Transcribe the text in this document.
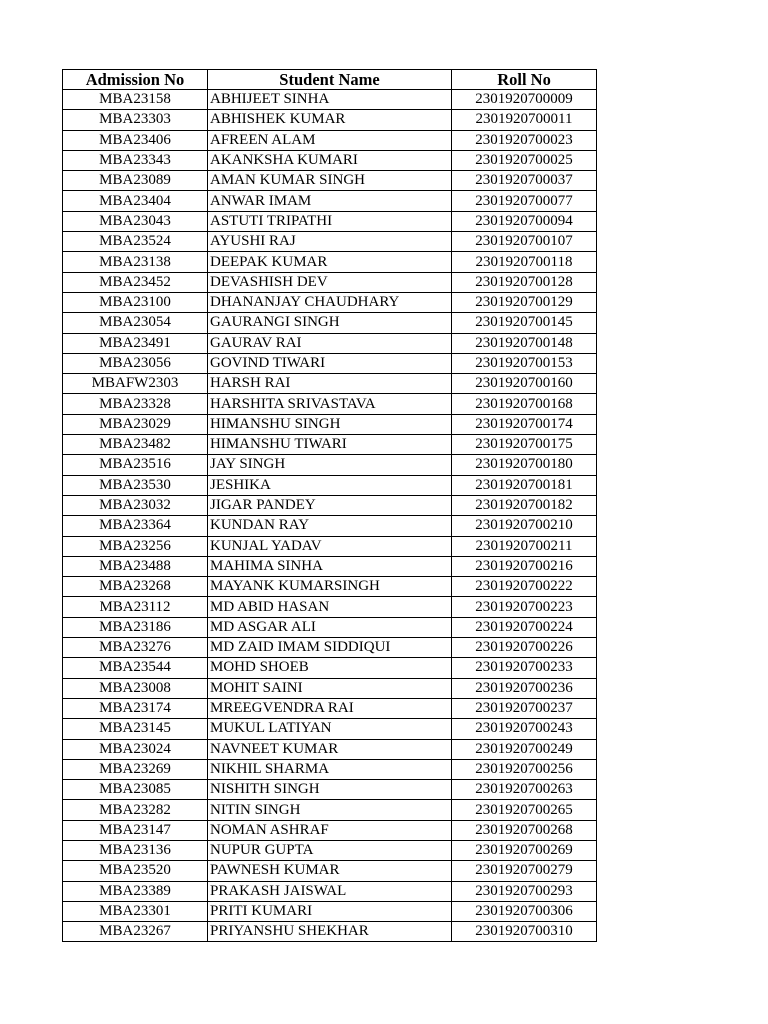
Admission No	Student Name	Roll No
MBA23158	ABHIJEET SINHA	2301920700009
MBA23303	ABHISHEK KUMAR	2301920700011
MBA23406	AFREEN ALAM	2301920700023
MBA23343	AKANKSHA KUMARI	2301920700025
MBA23089	AMAN KUMAR SINGH	2301920700037
MBA23404	ANWAR IMAM	2301920700077
MBA23043	ASTUTI TRIPATHI	2301920700094
MBA23524	AYUSHI RAJ	2301920700107
MBA23138	DEEPAK KUMAR	2301920700118
MBA23452	DEVASHISH DEV	2301920700128
MBA23100	DHANANJAY CHAUDHARY	2301920700129
MBA23054	GAURANGI SINGH	2301920700145
MBA23491	GAURAV RAI	2301920700148
MBA23056	GOVIND TIWARI	2301920700153
MBAFW2303	HARSH RAI	2301920700160
MBA23328	HARSHITA SRIVASTAVA	2301920700168
MBA23029	HIMANSHU SINGH	2301920700174
MBA23482	HIMANSHU TIWARI	2301920700175
MBA23516	JAY SINGH	2301920700180
MBA23530	JESHIKA	2301920700181
MBA23032	JIGAR PANDEY	2301920700182
MBA23364	KUNDAN RAY	2301920700210
MBA23256	KUNJAL YADAV	2301920700211
MBA23488	MAHIMA SINHA	2301920700216
MBA23268	MAYANK KUMARSINGH	2301920700222
MBA23112	MD ABID HASAN	2301920700223
MBA23186	MD ASGAR ALI	2301920700224
MBA23276	MD ZAID IMAM SIDDIQUI	2301920700226
MBA23544	MOHD SHOEB	2301920700233
MBA23008	MOHIT SAINI	2301920700236
MBA23174	MREEGVENDRA RAI	2301920700237
MBA23145	MUKUL LATIYAN	2301920700243
MBA23024	NAVNEET KUMAR	2301920700249
MBA23269	NIKHIL SHARMA	2301920700256
MBA23085	NISHITH SINGH	2301920700263
MBA23282	NITIN SINGH	2301920700265
MBA23147	NOMAN ASHRAF	2301920700268
MBA23136	NUPUR GUPTA	2301920700269
MBA23520	PAWNESH KUMAR	2301920700279
MBA23389	PRAKASH JAISWAL	2301920700293
MBA23301	PRITI KUMARI	2301920700306
MBA23267	PRIYANSHU SHEKHAR	2301920700310
